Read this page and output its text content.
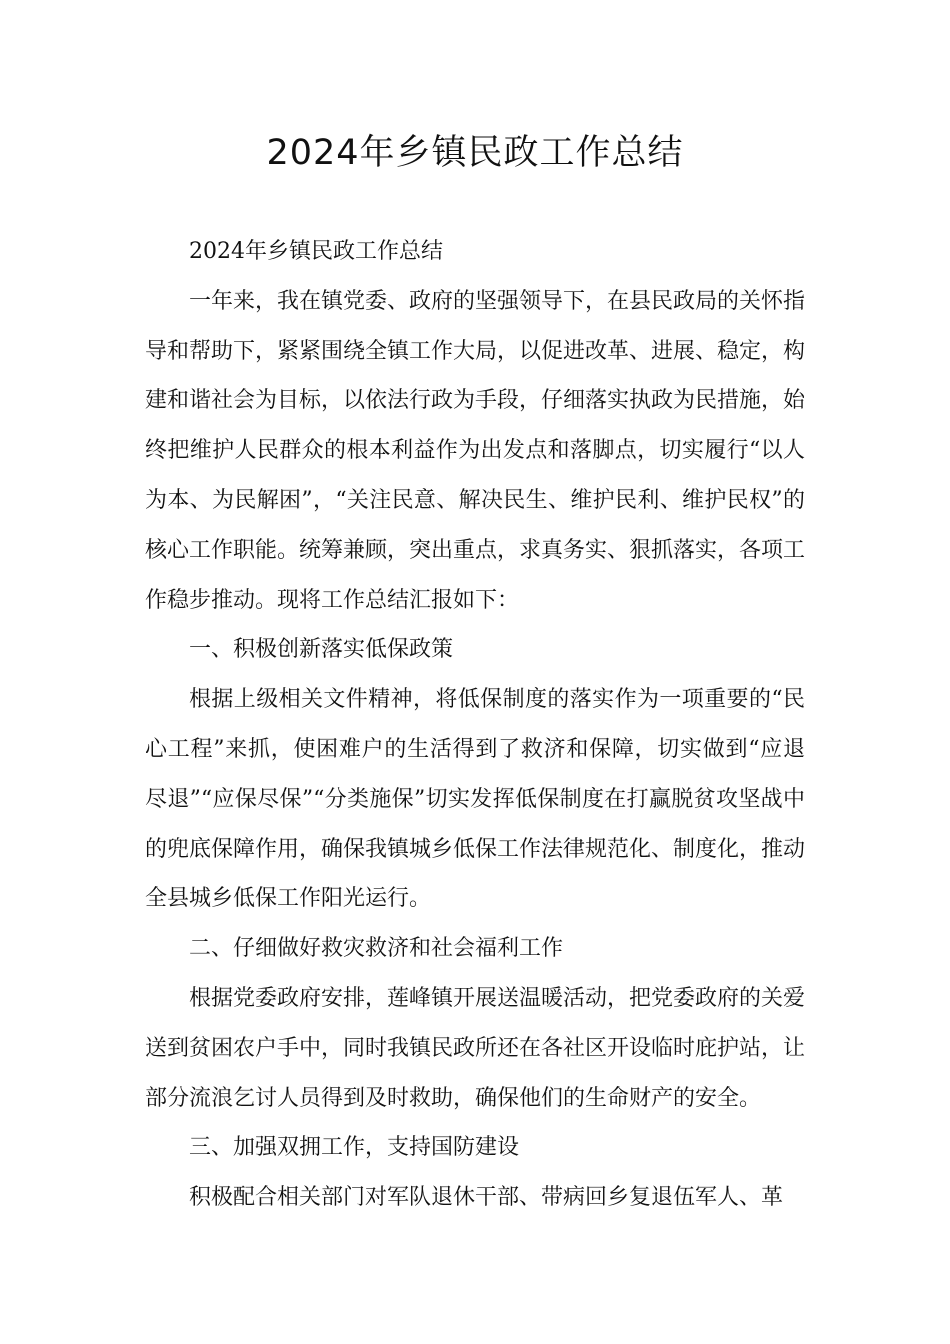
2024年乡镇民政工作总结

2024年乡镇民政工作总结

一年来，我在镇党委、政府的坚强领导下，在县民政局的关怀指导和帮助下，紧紧围绕全镇工作大局，以促进改革、进展、稳定，构建和谐社会为目标，以依法行政为手段，仔细落实执政为民措施，始终把维护人民群众的根本利益作为出发点和落脚点，切实履行“以人为本、为民解困”，“关注民意、解决民生、维护民利、维护民权”的核心工作职能。统筹兼顾，突出重点，求真务实、狠抓落实，各项工作稳步推动。现将工作总结汇报如下：

一、积极创新落实低保政策

根据上级相关文件精神，将低保制度的落实作为一项重要的“民心工程”来抓，使困难户的生活得到了救济和保障，切实做到“应退尽退”“应保尽保”“分类施保”切实发挥低保制度在打赢脱贫攻坚战中的兜底保障作用，确保我镇城乡低保工作法律规范化、制度化，推动全县城乡低保工作阳光运行。

二、仔细做好救灾救济和社会福利工作

根据党委政府安排，莲峰镇开展送温暖活动，把党委政府的关爱送到贫困农户手中，同时我镇民政所还在各社区开设临时庇护站，让部分流浪乞讨人员得到及时救助，确保他们的生命财产的安全。

三、加强双拥工作，支持国防建设

积极配合相关部门对军队退休干部、带病回乡复退伍军人、革
